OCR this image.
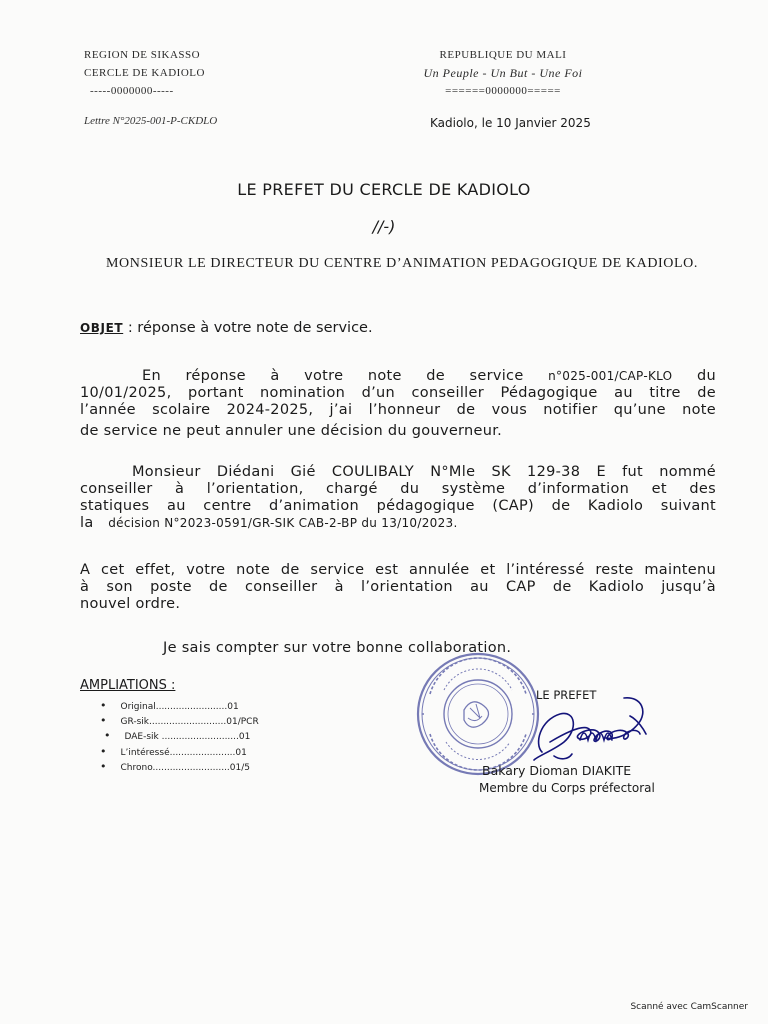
REGION DE SIKASSO
CERCLE DE KADIOLO
-----0000000-----
Lettre N°2025-001-P-CKDLO
REPUBLIQUE DU MALI
Un Peuple - Un But - Une Foi
======0000000=====
Kadiolo, le 10 Janvier 2025
LE PREFET DU CERCLE DE KADIOLO
//-)
MONSIEUR LE DIRECTEUR DU CENTRE D’ANIMATION PEDAGOGIQUE DE KADIOLO.
OBJET : réponse à votre note de service.
En réponse à votre note de service n°025-001/CAP-KLO du
10/01/2025, portant nomination d’un conseiller Pédagogique au titre de
l’année scolaire 2024-2025, j’ai l’honneur de vous notifier qu’une note
de service ne peut annuler une décision du gouverneur.
Monsieur Diédani Gié COULIBALY N°Mle SK 129-38 E fut nommé
conseiller à l’orientation, chargé du système d’information et des
statiques au centre d’animation pédagogique (CAP) de Kadiolo suivant
la décision N°2023-0591/GR-SIK CAB-2-BP du 13/10/2023.
A cet effet, votre note de service est annulée et l’intéressé reste maintenu
à son poste de conseiller à l’orientation au CAP de Kadiolo jusqu’à
nouvel ordre.
Je sais compter sur votre bonne collaboration.
AMPLIATIONS :
• Original.........................01
• GR-sik...........................01/PCR
• DAE-sik ...........................01
• L’intéressé.......................01
• Chrono...........................01/5
LE PREFET
Bakary Dioman DIAKITE
Membre du Corps préfectoral
Scanné avec CamScanner
